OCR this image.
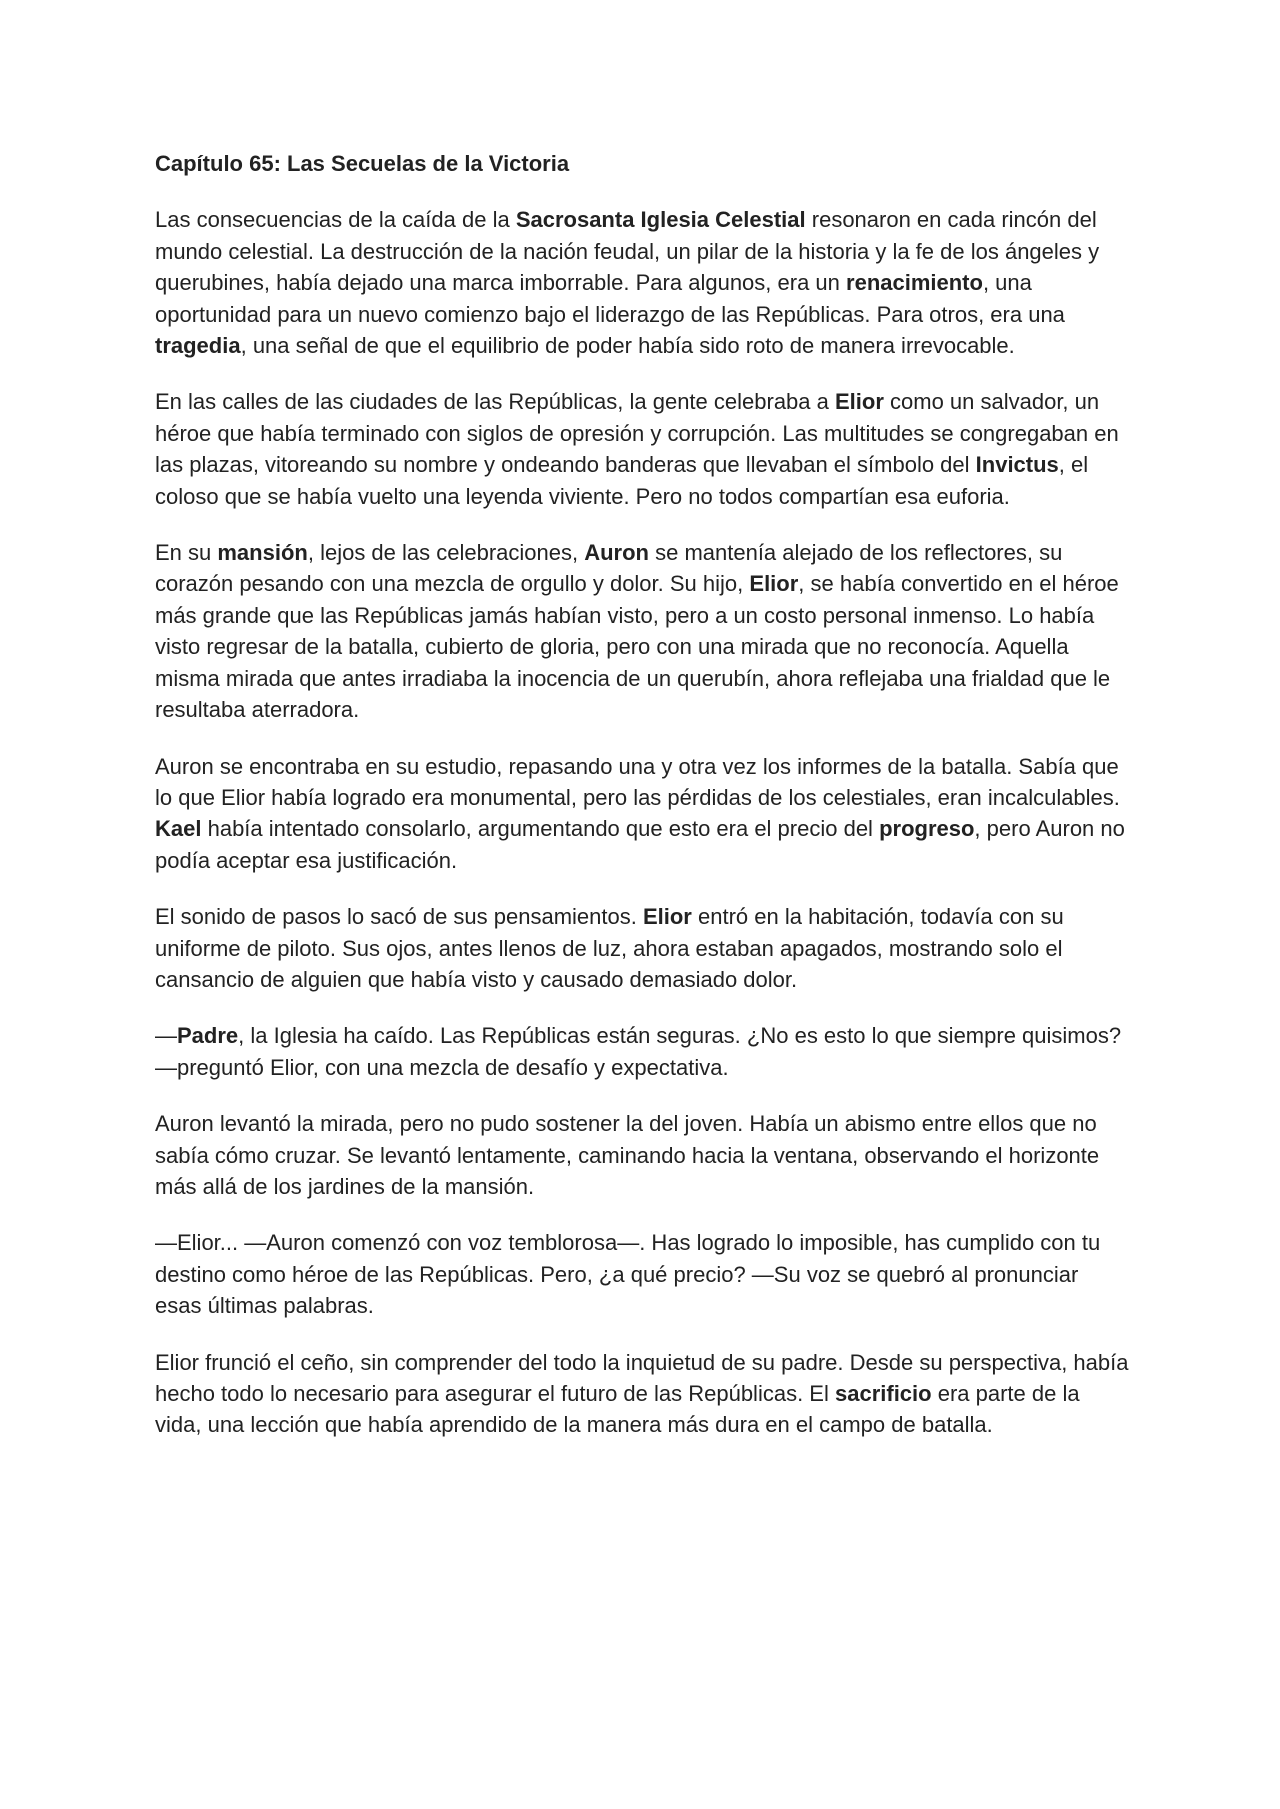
Capítulo 65: Las Secuelas de la Victoria
Las consecuencias de la caída de la Sacrosanta Iglesia Celestial resonaron en cada rincón del mundo celestial. La destrucción de la nación feudal, un pilar de la historia y la fe de los ángeles y querubines, había dejado una marca imborrable. Para algunos, era un renacimiento, una oportunidad para un nuevo comienzo bajo el liderazgo de las Repúblicas. Para otros, era una tragedia, una señal de que el equilibrio de poder había sido roto de manera irrevocable.
En las calles de las ciudades de las Repúblicas, la gente celebraba a Elior como un salvador, un héroe que había terminado con siglos de opresión y corrupción. Las multitudes se congregaban en las plazas, vitoreando su nombre y ondeando banderas que llevaban el símbolo del Invictus, el coloso que se había vuelto una leyenda viviente. Pero no todos compartían esa euforia.
En su mansión, lejos de las celebraciones, Auron se mantenía alejado de los reflectores, su corazón pesando con una mezcla de orgullo y dolor. Su hijo, Elior, se había convertido en el héroe más grande que las Repúblicas jamás habían visto, pero a un costo personal inmenso. Lo había visto regresar de la batalla, cubierto de gloria, pero con una mirada que no reconocía. Aquella misma mirada que antes irradiaba la inocencia de un querubín, ahora reflejaba una frialdad que le resultaba aterradora.
Auron se encontraba en su estudio, repasando una y otra vez los informes de la batalla. Sabía que lo que Elior había logrado era monumental, pero las pérdidas de los celestiales, eran incalculables. Kael había intentado consolarlo, argumentando que esto era el precio del progreso, pero Auron no podía aceptar esa justificación.
El sonido de pasos lo sacó de sus pensamientos. Elior entró en la habitación, todavía con su uniforme de piloto. Sus ojos, antes llenos de luz, ahora estaban apagados, mostrando solo el cansancio de alguien que había visto y causado demasiado dolor.
—Padre, la Iglesia ha caído. Las Repúblicas están seguras. ¿No es esto lo que siempre quisimos? —preguntó Elior, con una mezcla de desafío y expectativa.
Auron levantó la mirada, pero no pudo sostener la del joven. Había un abismo entre ellos que no sabía cómo cruzar. Se levantó lentamente, caminando hacia la ventana, observando el horizonte más allá de los jardines de la mansión.
—Elior... —Auron comenzó con voz temblorosa—. Has logrado lo imposible, has cumplido con tu destino como héroe de las Repúblicas. Pero, ¿a qué precio? —Su voz se quebró al pronunciar esas últimas palabras.
Elior frunció el ceño, sin comprender del todo la inquietud de su padre. Desde su perspectiva, había hecho todo lo necesario para asegurar el futuro de las Repúblicas. El sacrificio era parte de la vida, una lección que había aprendido de la manera más dura en el campo de batalla.
